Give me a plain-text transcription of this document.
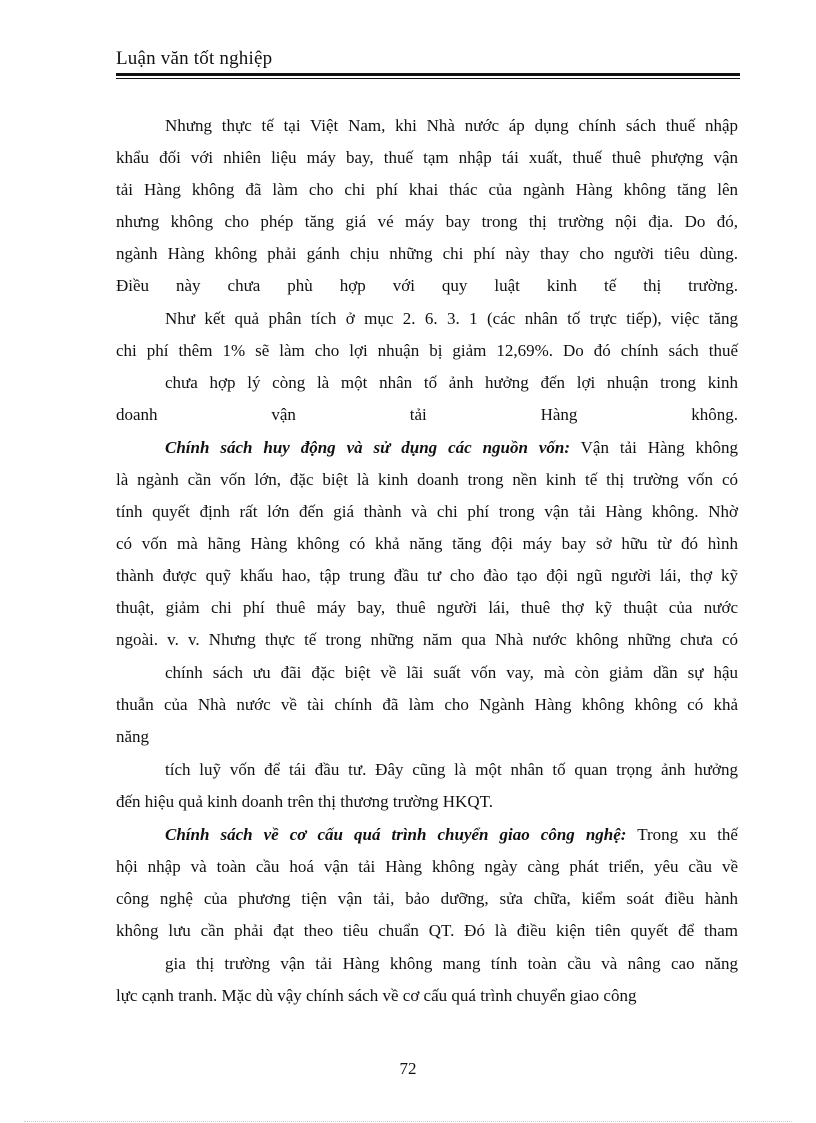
Luận văn tốt nghiệp
Nhưng thực tế tại Việt Nam, khi Nhà nước áp dụng chính sách thuế nhập
khẩu đối với nhiên liệu máy bay, thuế tạm nhập tái xuất, thuế thuê phượng vận
tải Hàng không đã làm cho chi phí khai thác của ngành Hàng không tăng lên
nhưng không cho phép tăng giá vé máy bay trong thị trường nội địa. Do đó,
ngành Hàng không phải gánh chịu những chi phí này thay cho người tiêu dùng.
Điều này chưa phù hợp với quy luật kinh tế thị trường.
Như kết quả phân tích ở mục 2. 6. 3. 1 (các nhân tố trực tiếp), việc tăng
chi phí thêm 1% sẽ làm cho lợi nhuận bị giảm 12,69%. Do đó chính sách thuế
chưa hợp lý còng là một nhân tố ảnh hưởng đến lợi nhuận trong kinh
doanh vận tải Hàng không.
Chính sách huy động và sử dụng các nguồn vốn: Vận tải Hàng không
là ngành cần vốn lớn, đặc biệt là kinh doanh trong nền kinh tế thị trường vốn có
tính quyết định rất lớn đến giá thành và chi phí trong vận tải Hàng không. Nhờ
có vốn mà hãng Hàng không có khả năng tăng đội máy bay sở hữu từ đó hình
thành được quỹ khấu hao, tập trung đầu tư cho đào tạo đội ngũ người lái, thợ kỹ
thuật, giảm chi phí thuê máy bay, thuê người lái, thuê thợ kỹ thuật của nước
ngoài. v. v. Nhưng thực tế trong những năm qua Nhà nước không những chưa có
chính sách ưu đãi đặc biệt về lãi suất vốn vay, mà còn giảm dần sự hậu
thuẫn của Nhà nước về tài chính đã làm cho Ngành Hàng không không có khả
năng
tích luỹ vốn để tái đầu tư. Đây cũng là một nhân tố quan trọng ảnh hưởng
đến hiệu quả kinh doanh trên thị thương trường HKQT.
Chính sách về cơ cấu quá trình chuyển giao công nghệ: Trong xu thế
hội nhập và toàn cầu hoá vận tải Hàng không ngày càng phát triển, yêu cầu về
công nghệ của phương tiện vận tải, bảo dưỡng, sửa chữa, kiểm soát điều hành
không lưu cần phải đạt theo tiêu chuẩn QT. Đó là điều kiện tiên quyết để tham
gia thị trường vận tải Hàng không mang tính toàn cầu và nâng cao năng
lực cạnh tranh. Mặc dù vậy chính sách về cơ cấu quá trình chuyển giao công
72
